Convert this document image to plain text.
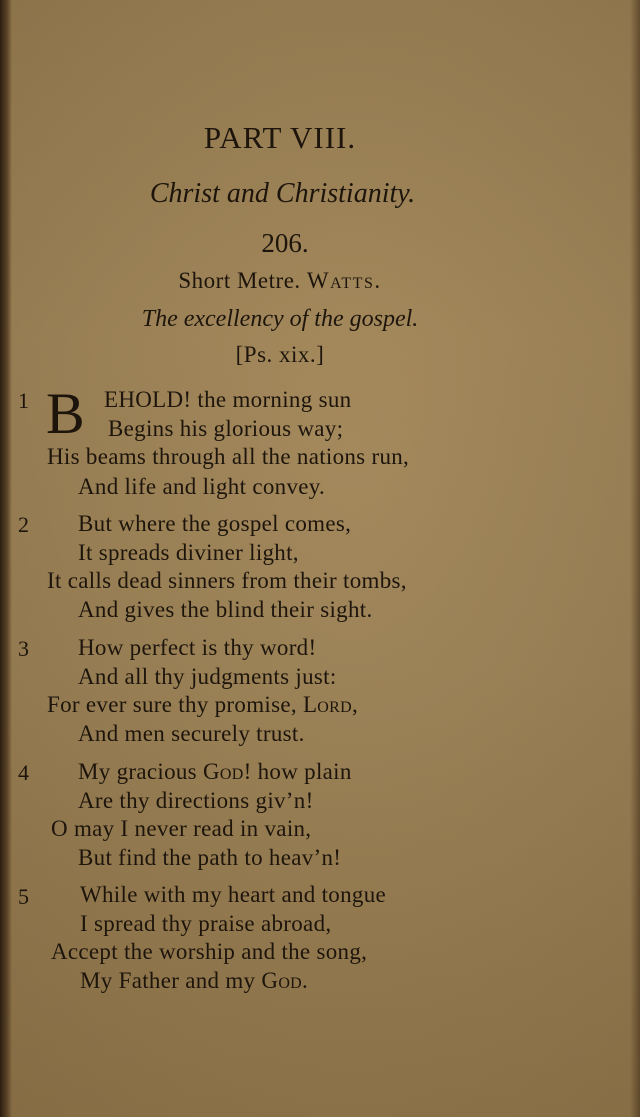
PART VIII.
Christ and Christianity.
206.
Short Metre. Watts.
The excellency of the gospel.
[Ps. xix.]
1 B EHOLD! the morning sun
Begins his glorious way;
His beams through all the nations run,
And life and light convey.
2 But where the gospel comes,
It spreads diviner light,
It calls dead sinners from their tombs,
And gives the blind their sight.
3 How perfect is thy word!
And all thy judgments just:
For ever sure thy promise, Lord,
And men securely trust.
4 My gracious God! how plain
Are thy directions giv’n!
O may I never read in vain,
But find the path to heav’n!
5 While with my heart and tongue
I spread thy praise abroad,
Accept the worship and the song,
My Father and my God.
